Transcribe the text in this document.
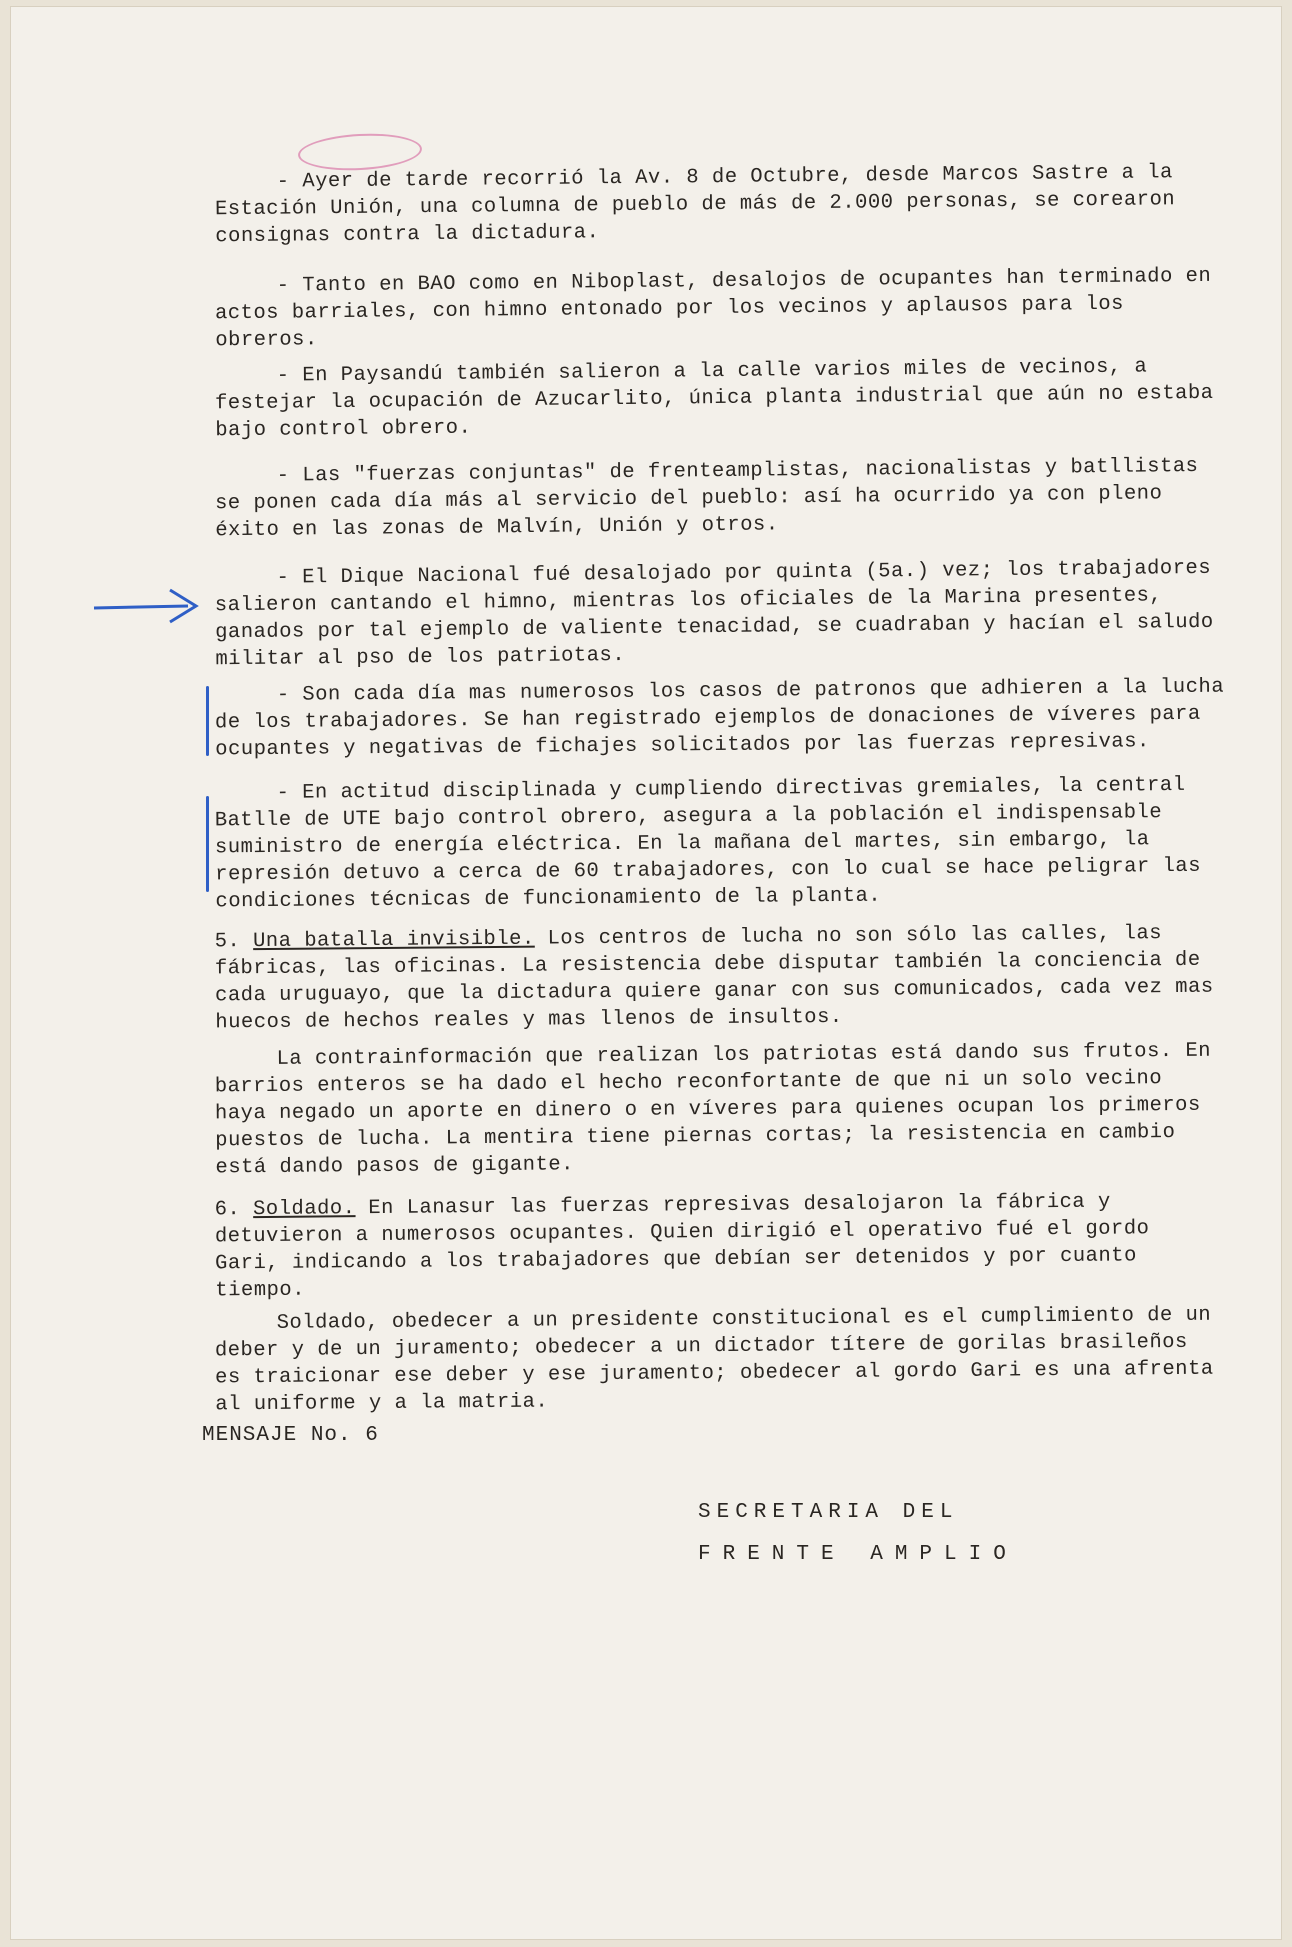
- Ayer de tarde recorrió la Av. 8 de Octubre, desde Marcos Sastre a la Estación Unión, una columna de pueblo de más de 2.000 personas, se corearon consignas contra la dictadura.
- Tanto en BAO como en Niboplast, desalojos de ocupantes han terminado en actos barriales, con himno entonado por los vecinos y aplausos para los obreros.
- En Paysandú también salieron a la calle varios miles de vecinos, a festejar la ocupación de Azucarlito, única planta industrial que aún no estaba bajo control obrero.
- Las "fuerzas conjuntas" de frenteamplistas, nacionalistas y batllistas se ponen cada día más al servicio del pueblo: así ha ocurrido ya con pleno éxito en las zonas de Malvín, Unión y otros.
- El Dique Nacional fué desalojado por quinta (5a.) vez; los trabajadores salieron cantando el himno, mientras los oficiales de la Marina presentes, ganados por tal ejemplo de valiente tenacidad, se cuadraban y hacían el saludo militar al pso de los patriotas.
- Son cada día mas numerosos los casos de patronos que adhieren a la lucha de los trabajadores. Se han registrado ejemplos de donaciones de víveres para ocupantes y negativas de fichajes solicitados por las fuerzas represivas.
- En actitud disciplinada y cumpliendo directivas gremiales, la central Batlle de UTE bajo control obrero, asegura a la población el indispensable suministro de energía eléctrica. En la mañana del martes, sin embargo, la represión detuvo a cerca de 60 trabajadores, con lo cual se hace peligrar las condiciones técnicas de funcionamiento de la planta.
5. Una batalla invisible. Los centros de lucha no son sólo las calles, las fábricas, las oficinas. La resistencia debe disputar también la conciencia de cada uruguayo, que la dictadura quiere ganar con sus comunicados, cada vez mas huecos de hechos reales y mas llenos de insultos.
La contrainformación que realizan los patriotas está dando sus frutos. En barrios enteros se ha dado el hecho reconfortante de que ni un solo vecino haya negado un aporte en dinero o en víveres para quienes ocupan los primeros puestos de lucha. La mentira tiene piernas cortas; la resistencia en cambio está dando pasos de gigante.
6. Soldado. En Lanasur las fuerzas represivas desalojaron la fábrica y detuvieron a numerosos ocupantes. Quien dirigió el operativo fué el gordo Gari, indicando a los trabajadores que debían ser detenidos y por cuanto tiempo.
Soldado, obedecer a un presidente constitucional es el cumplimiento de un deber y de un juramento; obedecer a un dictador títere de gorilas brasileños es traicionar ese deber y ese juramento; obedecer al gordo Gari es una afrenta al uniforme y a la matria.
MENSAJE No. 6
SECRETARIA DEL
FRENTE AMPLIO
